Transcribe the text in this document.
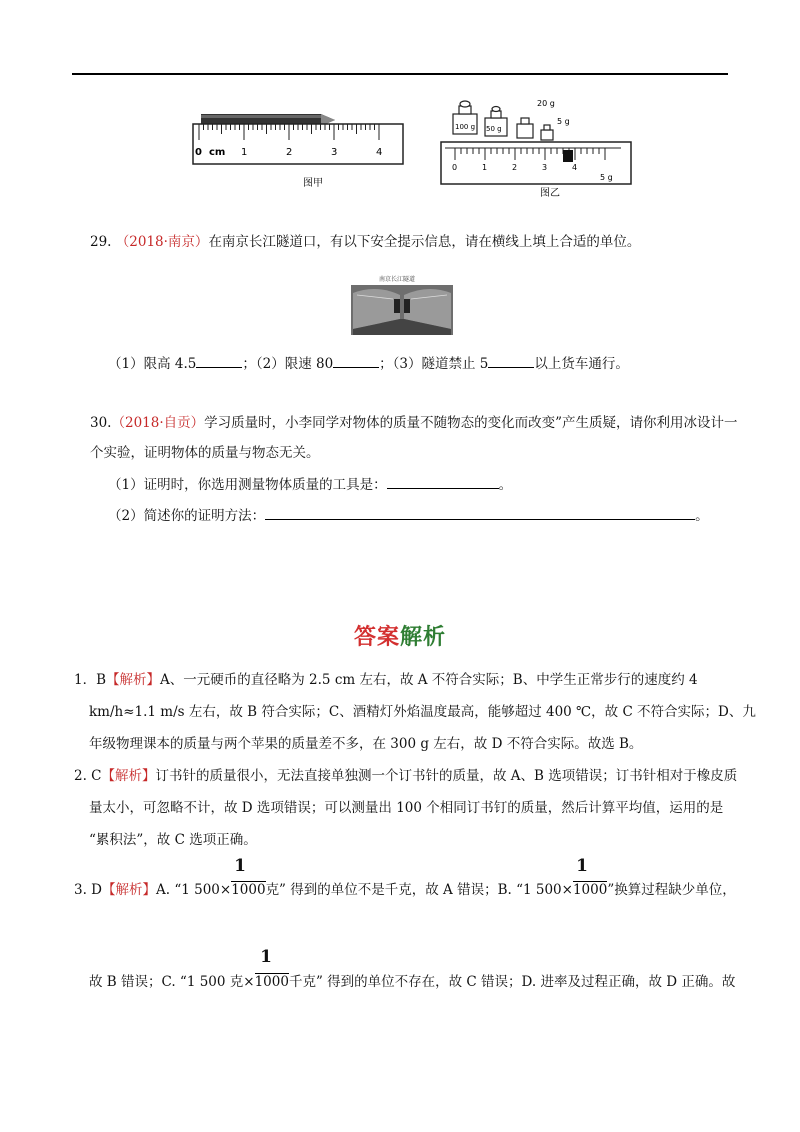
0 cm 1	2	3	4
图甲
100 g 50 g
20 g
5 g
0	1	2	3	4
5 g
图乙
29. （2018·南京）在南京长江隧道口，有以下安全提示信息，请在横线上填上合适的单位。
南京长江隧道
（1）限高 4.5	；（2）限速 80	；（3）隧道禁止 5	以上货车通行。
30.（2018·自贡）学习质量时，小李同学对物体的质量不随物态的变化而改变”产生质疑，请你利用冰设计一
个实验，证明物体的质量与物态无关。
（1）证明时，你选用测量物体质量的工具是：	。
（2）简述你的证明方法：	。
答案解析
1．B【解析】A、一元硬币的直径略为 2.5 cm 左右，故 A 不符合实际；B、中学生正常步行的速度约 4
km/h≈1.1 m/s 左右，故 B 符合实际；C、酒精灯外焰温度最高，能够超过 400 ℃，故 C 不符合实际；D、九
年级物理课本的质量与两个苹果的质量差不多，在 300 g 左右，故 D 不符合实际。故选 B。
2. C【解析】订书针的质量很小，无法直接单独测一个订书针的质量，故 A、B 选项错误；订书针相对于橡皮质
量太小，可忽略不计，故 D 选项错误；可以测量出 100 个相同订书钉的质量，然后计算平均值，运用的是
“累积法”，故 C 选项正确。
1	1
3. D【解析】A. “1 500×1000克” 得到的单位不是千克，故 A 错误；B. “1 500×1000”换算过程缺少单位，
1
故 B 错误；C. “1 500 克×1000千克” 得到的单位不存在，故 C 错误；D. 进率及过程正确，故 D 正确。故
